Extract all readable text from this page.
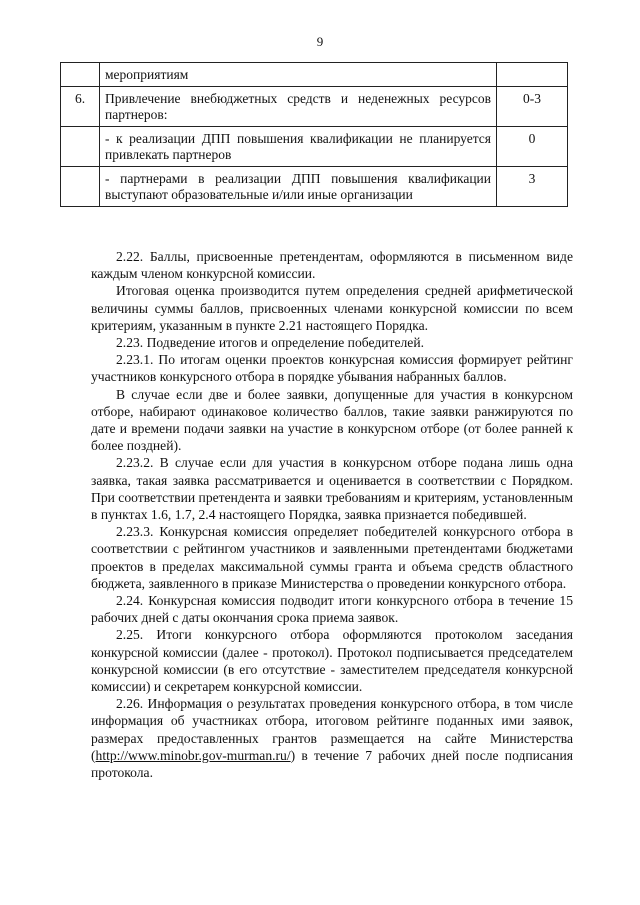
9
	мероприятиям	
6.	Привлечение внебюджетных средств и неденежных ресурсов партнеров:	0-3
	- к реализации ДПП повышения квалификации не планируется привлекать партнеров	0
	- партнерами в реализации ДПП повышения квалификации выступают образовательные и/или иные организации	3

2.22. Баллы, присвоенные претендентам, оформляются в письменном виде каждым членом конкурсной комиссии.

Итоговая оценка производится путем определения средней арифметической величины суммы баллов, присвоенных членами конкурсной комиссии по всем критериям, указанным в пункте 2.21 настоящего Порядка.

2.23. Подведение итогов и определение победителей.

2.23.1. По итогам оценки проектов конкурсная комиссия формирует рейтинг участников конкурсного отбора в порядке убывания набранных баллов.

В случае если две и более заявки, допущенные для участия в конкурсном отборе, набирают одинаковое количество баллов, такие заявки ранжируются по дате и времени подачи заявки на участие в конкурсном отборе (от более ранней к более поздней).

2.23.2. В случае если для участия в конкурсном отборе подана лишь одна заявка, такая заявка рассматривается и оценивается в соответствии с Порядком. При соответствии претендента и заявки требованиям и критериям, установленным в пунктах 1.6, 1.7, 2.4 настоящего Порядка, заявка признается победившей.

2.23.3. Конкурсная комиссия определяет победителей конкурсного отбора в соответствии с рейтингом участников и заявленными претендентами бюджетами проектов в пределах максимальной суммы гранта и объема средств областного бюджета, заявленного в приказе Министерства о проведении конкурсного отбора.

2.24. Конкурсная комиссия подводит итоги конкурсного отбора в течение 15 рабочих дней с даты окончания срока приема заявок.

2.25. Итоги конкурсного отбора оформляются протоколом заседания конкурсной комиссии (далее - протокол). Протокол подписывается председателем конкурсной комиссии (в его отсутствие - заместителем председателя конкурсной комиссии) и секретарем конкурсной комиссии.

2.26. Информация о результатах проведения конкурсного отбора, в том числе информация об участниках отбора, итоговом рейтинге поданных ими заявок, размерах предоставленных грантов размещается на сайте Министерства (http://www.minobr.gov-murman.ru/) в течение 7 рабочих дней после подписания протокола.
